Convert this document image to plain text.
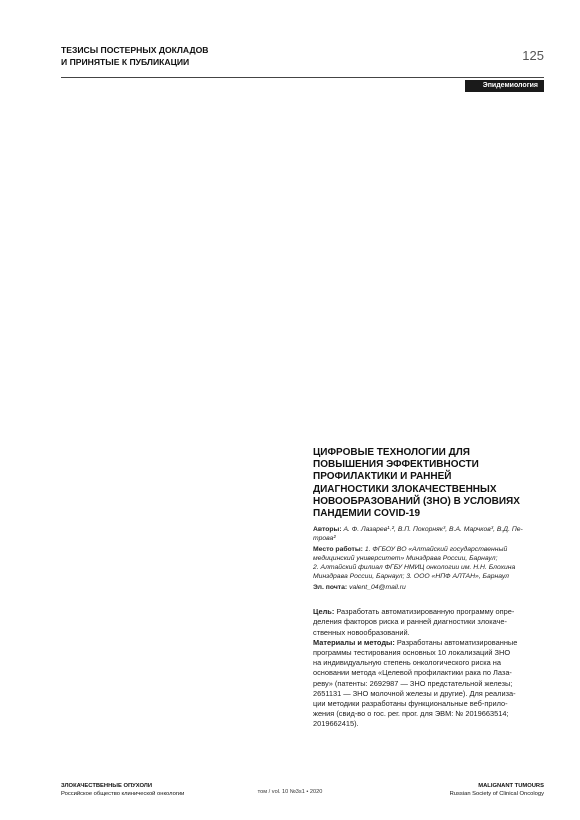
ТЕЗИСЫ ПОСТЕРНЫХ ДОКЛАДОВ
И ПРИНЯТЫЕ К ПУБЛИКАЦИИ	125
Эпидемиология
ЦИФРОВЫЕ ТЕХНОЛОГИИ ДЛЯ
ПОВЫШЕНИЯ ЭФФЕКТИВНОСТИ
ПРОФИЛАКТИКИ И РАННЕЙ
ДИАГНОСТИКИ ЗЛОКАЧЕСТВЕННЫХ
НОВООБРАЗОВАНИЙ (ЗНО) В УСЛОВИЯХ
ПАНДЕМИИ COVID-19
Авторы: А. Ф. Лазарев¹˒², В.П. Покорняк³, В.А. Марчков³, В.Д. Пе-
трова²
Место работы: 1. ФГБОУ ВО «Алтайский государственный
медицинский университет» Минздрава России, Барнаул;
2. Алтайский филиал ФГБУ НМИЦ онкологии им. Н.Н. Блохина
Минздрава России, Барнаул; 3. ООО «НПФ АЛТАН», Барнаул
Эл. почта: valent_04@mail.ru
Цель: Разработать автоматизированную программу опре-
деления факторов риска и ранней диагностики злокаче-
ственных новообразований.
Материалы и методы: Разработаны автоматизированные
программы тестирования основных 10 локализаций ЗНО
на индивидуальную степень онкологического риска на
основании метода «Целевой профилактики рака по Лаза-
реву» (патенты: 2692987 — ЗНО предстательной железы;
2651131 — ЗНО молочной железы и другие). Для реализа-
ции методики разработаны функциональные веб-прило-
жения (свид-во о гос. рег. прог. для ЭВМ: № 2019663514;
2019662415).
ЗЛОКАЧЕСТВЕННЫЕ ОПУХОЛИ
Российское общество клинической онкологии	том / vol. 10 №3s1 • 2020
MALIGNANT TUMOURS
Russian Society of Clinical Oncology
